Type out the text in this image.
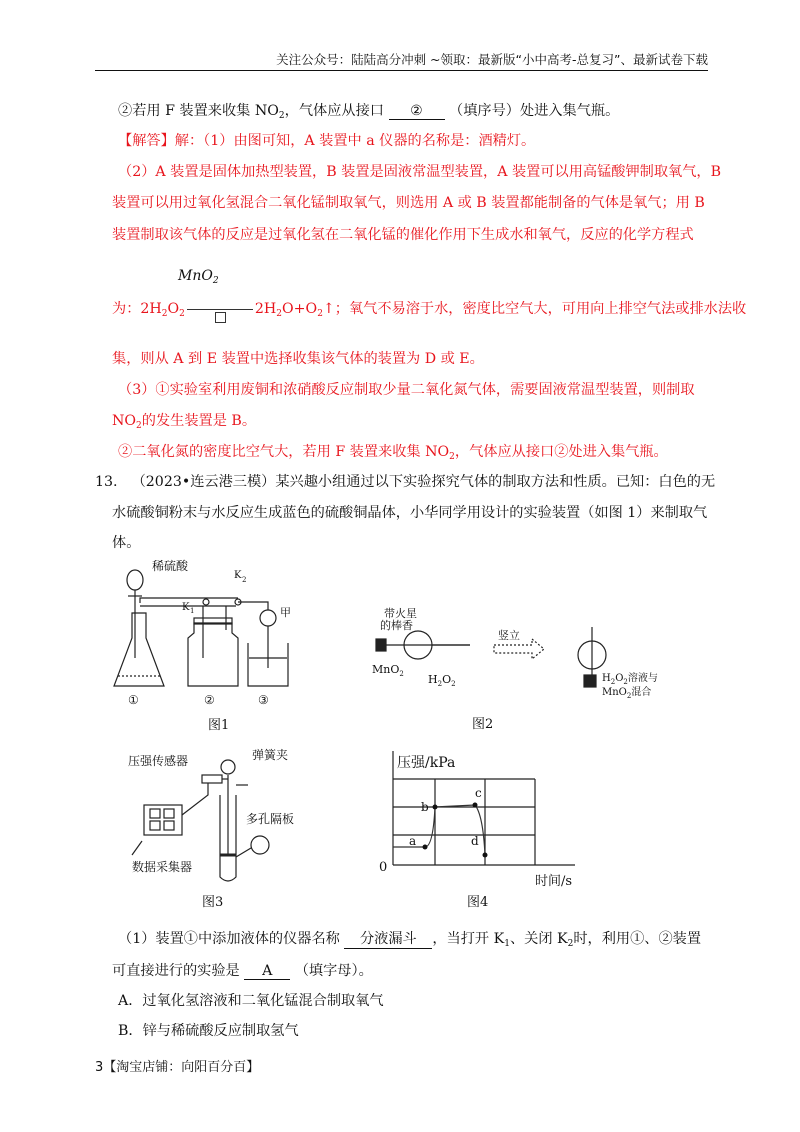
关注公众号：陆陆高分冲刺 ~领取：最新版“小中高考-总复习”、最新试卷下载
②若用 F 装置来收集 $NO_2$，气体应从接口 ② （填序号）处进入集气瓶。
【解答】解：（1）由图可知，A 装置中 a 仪器的名称是：酒精灯。
（2）A 装置是固体加热型装置，B 装置是固液常温型装置，A 装置可以用高锰酸钾制取氧气，B
装置可以用过氧化氢混合二氧化锰制取氧气，则选用 A 或 B 装置都能制备的气体是氧气；用 B
装置制取该气体的反应是过氧化氢在二氧化锰的催化作用下生成水和氧气，反应的化学方程式
MnO$_2$
为：$2H_2O_2$	$2H_2O+O_2↑$；氧气不易溶于水，密度比空气大，可用向上排空气法或排水法收
集，则从 A 到 E 装置中选择收集该气体的装置为 D 或 E。
（3）①实验室利用废铜和浓硝酸反应制取少量二氧化氮气体，需要固液常温型装置，则制取
$NO_2$的发生装置是 B。
②二氧化氮的密度比空气大，若用 F 装置来收集 $NO_2$，气体应从接口②处进入集气瓶。
13. （2023•连云港三模）某兴趣小组通过以下实验探究气体的制取方法和性质。已知：白色的无
水硫酸铜粉末与水反应生成蓝色的硫酸铜晶体，小华同学用设计的实验装置（如图 1）来制取气
体。
稀硫酸
K 2
K 1	甲
①	②	③
图1
带火星
的棒香
MnO$_2$ $H_2O_2$
竖立
$H_2O_2$溶液与
MnO$_2$混合
图2
压强传感器	弹簧夹
多孔隔板
数据采集器
图3
压强/kPa
0
a
b
c
d
时间/s
图4
（1）装置①中添加液体的仪器名称 分液漏斗 ，当打开 $K_1$、关闭 $K_2$时，利用①、②装置
可直接进行的实验是 A （填字母）。
A．过氧化氢溶液和二氧化锰混合制取氧气
B．锌与稀硫酸反应制取氢气
3【淘宝店铺：向阳百分百】
